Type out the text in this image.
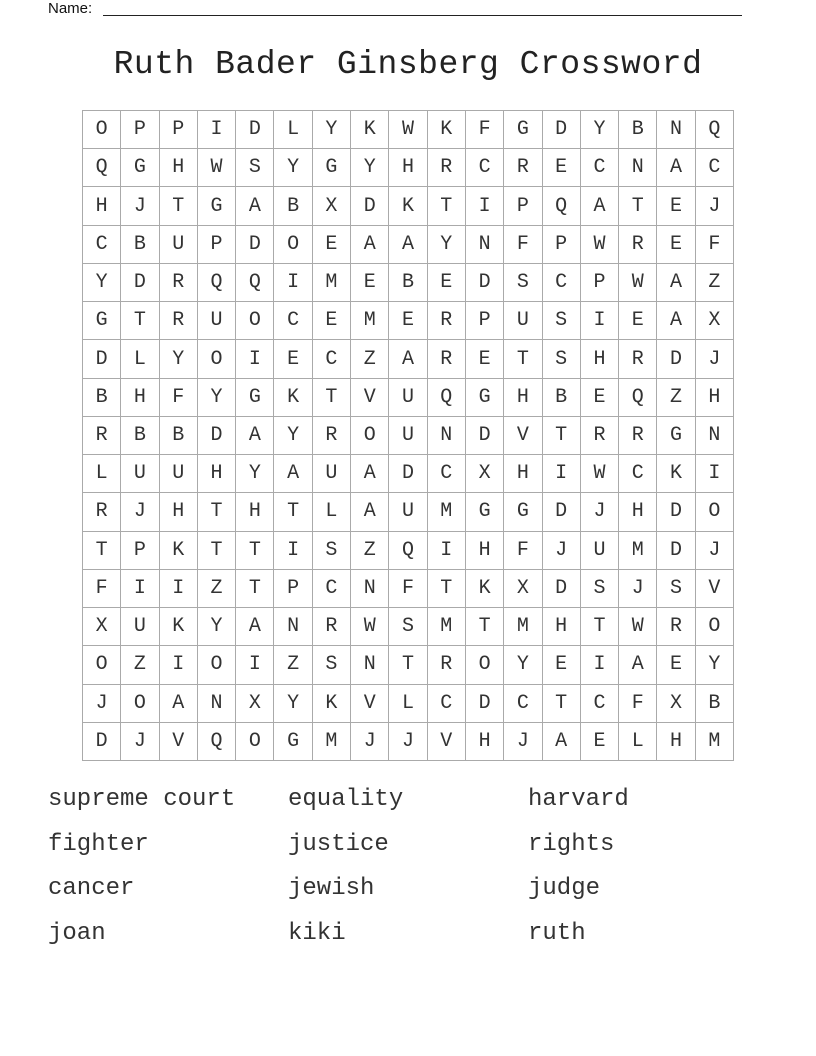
Name:
Ruth Bader Ginsberg Crossword
O	P	P	I	D	L	Y	K	W	K	F	G	D	Y	B	N	Q
Q	G	H	W	S	Y	G	Y	H	R	C	R	E	C	N	A	C
H	J	T	G	A	B	X	D	K	T	I	P	Q	A	T	E	J
C	B	U	P	D	O	E	A	A	Y	N	F	P	W	R	E	F
Y	D	R	Q	Q	I	M	E	B	E	D	S	C	P	W	A	Z
G	T	R	U	O	C	E	M	E	R	P	U	S	I	E	A	X
D	L	Y	O	I	E	C	Z	A	R	E	T	S	H	R	D	J
B	H	F	Y	G	K	T	V	U	Q	G	H	B	E	Q	Z	H
R	B	B	D	A	Y	R	O	U	N	D	V	T	R	R	G	N
L	U	U	H	Y	A	U	A	D	C	X	H	I	W	C	K	I
R	J	H	T	H	T	L	A	U	M	G	G	D	J	H	D	O
T	P	K	T	T	I	S	Z	Q	I	H	F	J	U	M	D	J
F	I	I	Z	T	P	C	N	F	T	K	X	D	S	J	S	V
X	U	K	Y	A	N	R	W	S	M	T	M	H	T	W	R	O
O	Z	I	O	I	Z	S	N	T	R	O	Y	E	I	A	E	Y
J	O	A	N	X	Y	K	V	L	C	D	C	T	C	F	X	B
D	J	V	Q	O	G	M	J	J	V	H	J	A	E	L	H	M
supreme court	equality	harvard
fighter	justice	rights
cancer	jewish	judge
joan	kiki	ruth
